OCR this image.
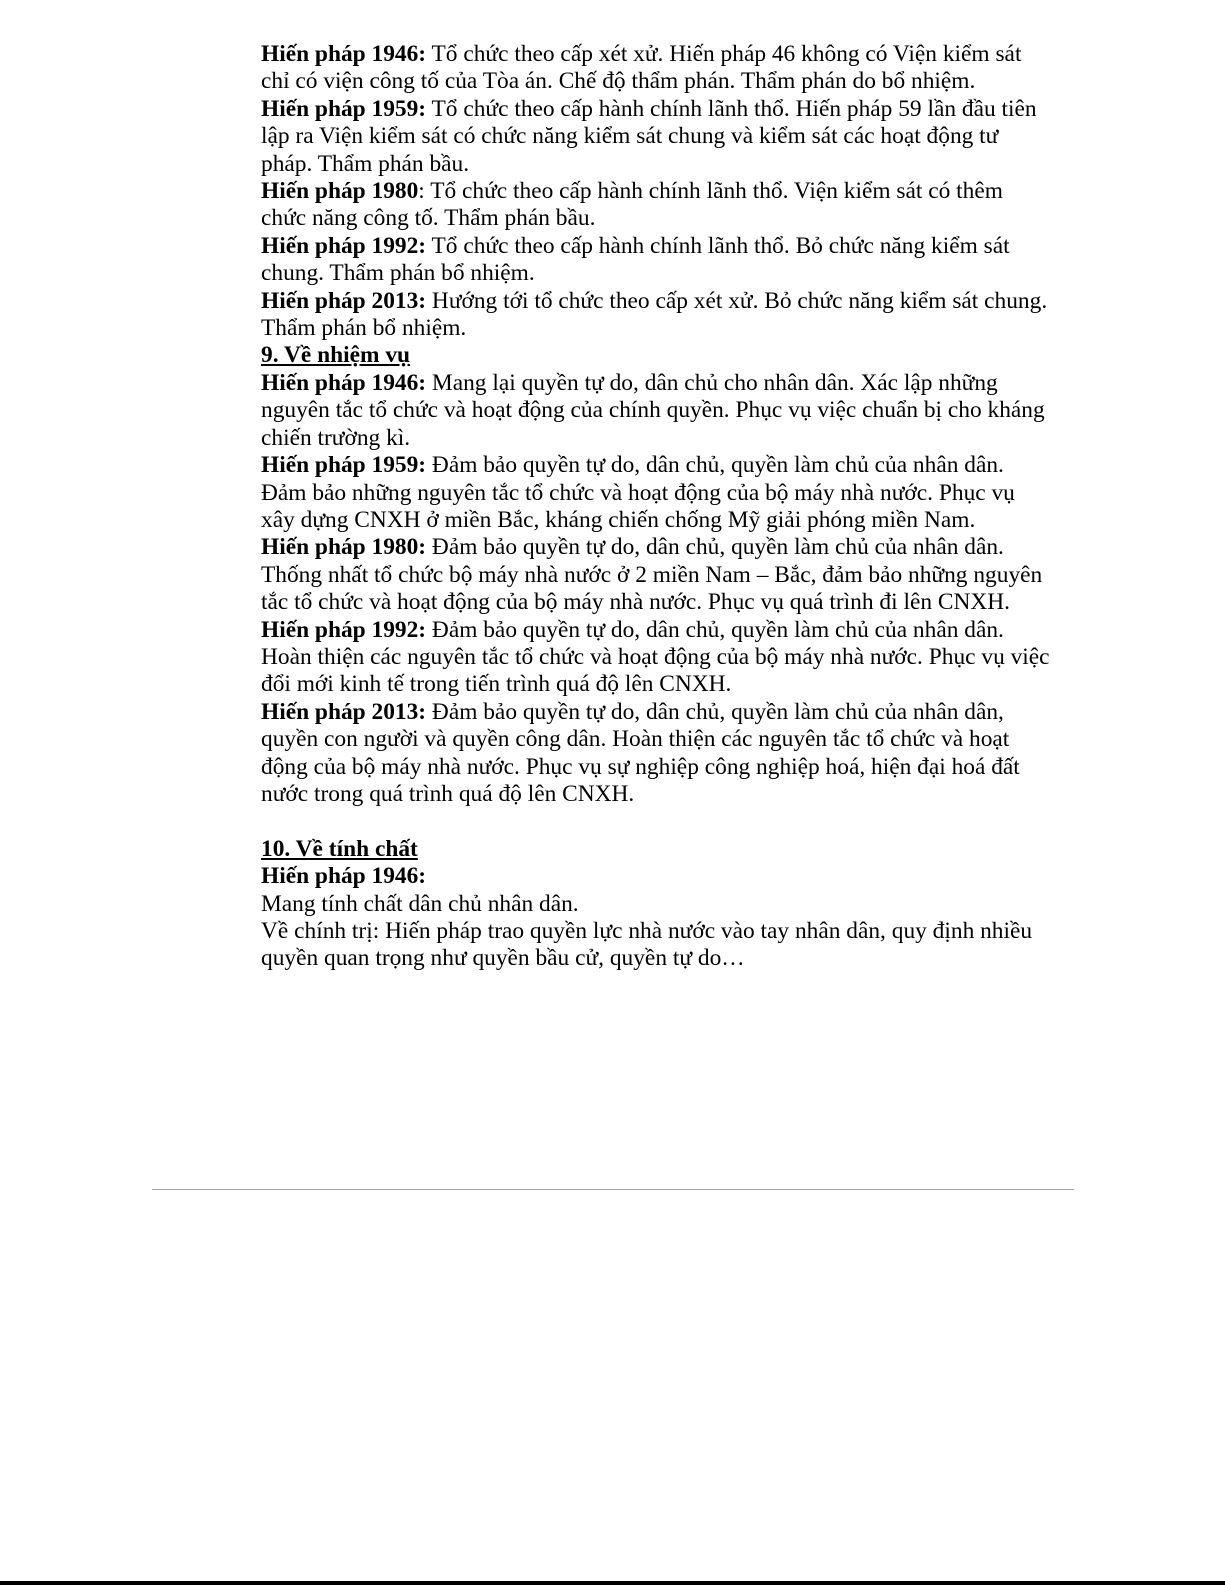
Hiến pháp 1946: Tổ chức theo cấp xét xử. Hiến pháp 46 không có Viện kiểm sát chỉ có viện công tố của Tòa án. Chế độ thẩm phán. Thẩm phán do bổ nhiệm.

Hiến pháp 1959: Tổ chức theo cấp hành chính lãnh thổ. Hiến pháp 59 lần đầu tiên lập ra Viện kiểm sát có chức năng kiểm sát chung và kiểm sát các hoạt động tư pháp. Thẩm phán bầu.

Hiến pháp 1980: Tổ chức theo cấp hành chính lãnh thổ. Viện kiểm sát có thêm chức năng công tố. Thẩm phán bầu.

Hiến pháp 1992: Tổ chức theo cấp hành chính lãnh thổ. Bỏ chức năng kiểm sát chung. Thẩm phán bổ nhiệm.

Hiến pháp 2013: Hướng tới tổ chức theo cấp xét xử. Bỏ chức năng kiểm sát chung. Thẩm phán bổ nhiệm.

9. Về nhiệm vụ

Hiến pháp 1946: Mang lại quyền tự do, dân chủ cho nhân dân. Xác lập những nguyên tắc tổ chức và hoạt động của chính quyền. Phục vụ việc chuẩn bị cho kháng chiến trường kì.

Hiến pháp 1959: Đảm bảo quyền tự do, dân chủ, quyền làm chủ của nhân dân. Đảm bảo những nguyên tắc tổ chức và hoạt động của bộ máy nhà nước. Phục vụ xây dựng CNXH ở miền Bắc, kháng chiến chống Mỹ giải phóng miền Nam.

Hiến pháp 1980: Đảm bảo quyền tự do, dân chủ, quyền làm chủ của nhân dân. Thống nhất tổ chức bộ máy nhà nước ở 2 miền Nam – Bắc, đảm bảo những nguyên tắc tổ chức và hoạt động của bộ máy nhà nước. Phục vụ quá trình đi lên CNXH.

Hiến pháp 1992: Đảm bảo quyền tự do, dân chủ, quyền làm chủ của nhân dân. Hoàn thiện các nguyên tắc tổ chức và hoạt động của bộ máy nhà nước. Phục vụ việc đổi mới kinh tế trong tiến trình quá độ lên CNXH.

Hiến pháp 2013: Đảm bảo quyền tự do, dân chủ, quyền làm chủ của nhân dân, quyền con người và quyền công dân. Hoàn thiện các nguyên tắc tổ chức và hoạt động của bộ máy nhà nước. Phục vụ sự nghiệp công nghiệp hoá, hiện đại hoá đất nước trong quá trình quá độ lên CNXH.

10. Về tính chất

Hiến pháp 1946:

Mang tính chất dân chủ nhân dân.

Về chính trị: Hiến pháp trao quyền lực nhà nước vào tay nhân dân, quy định nhiều quyền quan trọng như quyền bầu cử, quyền tự do…
